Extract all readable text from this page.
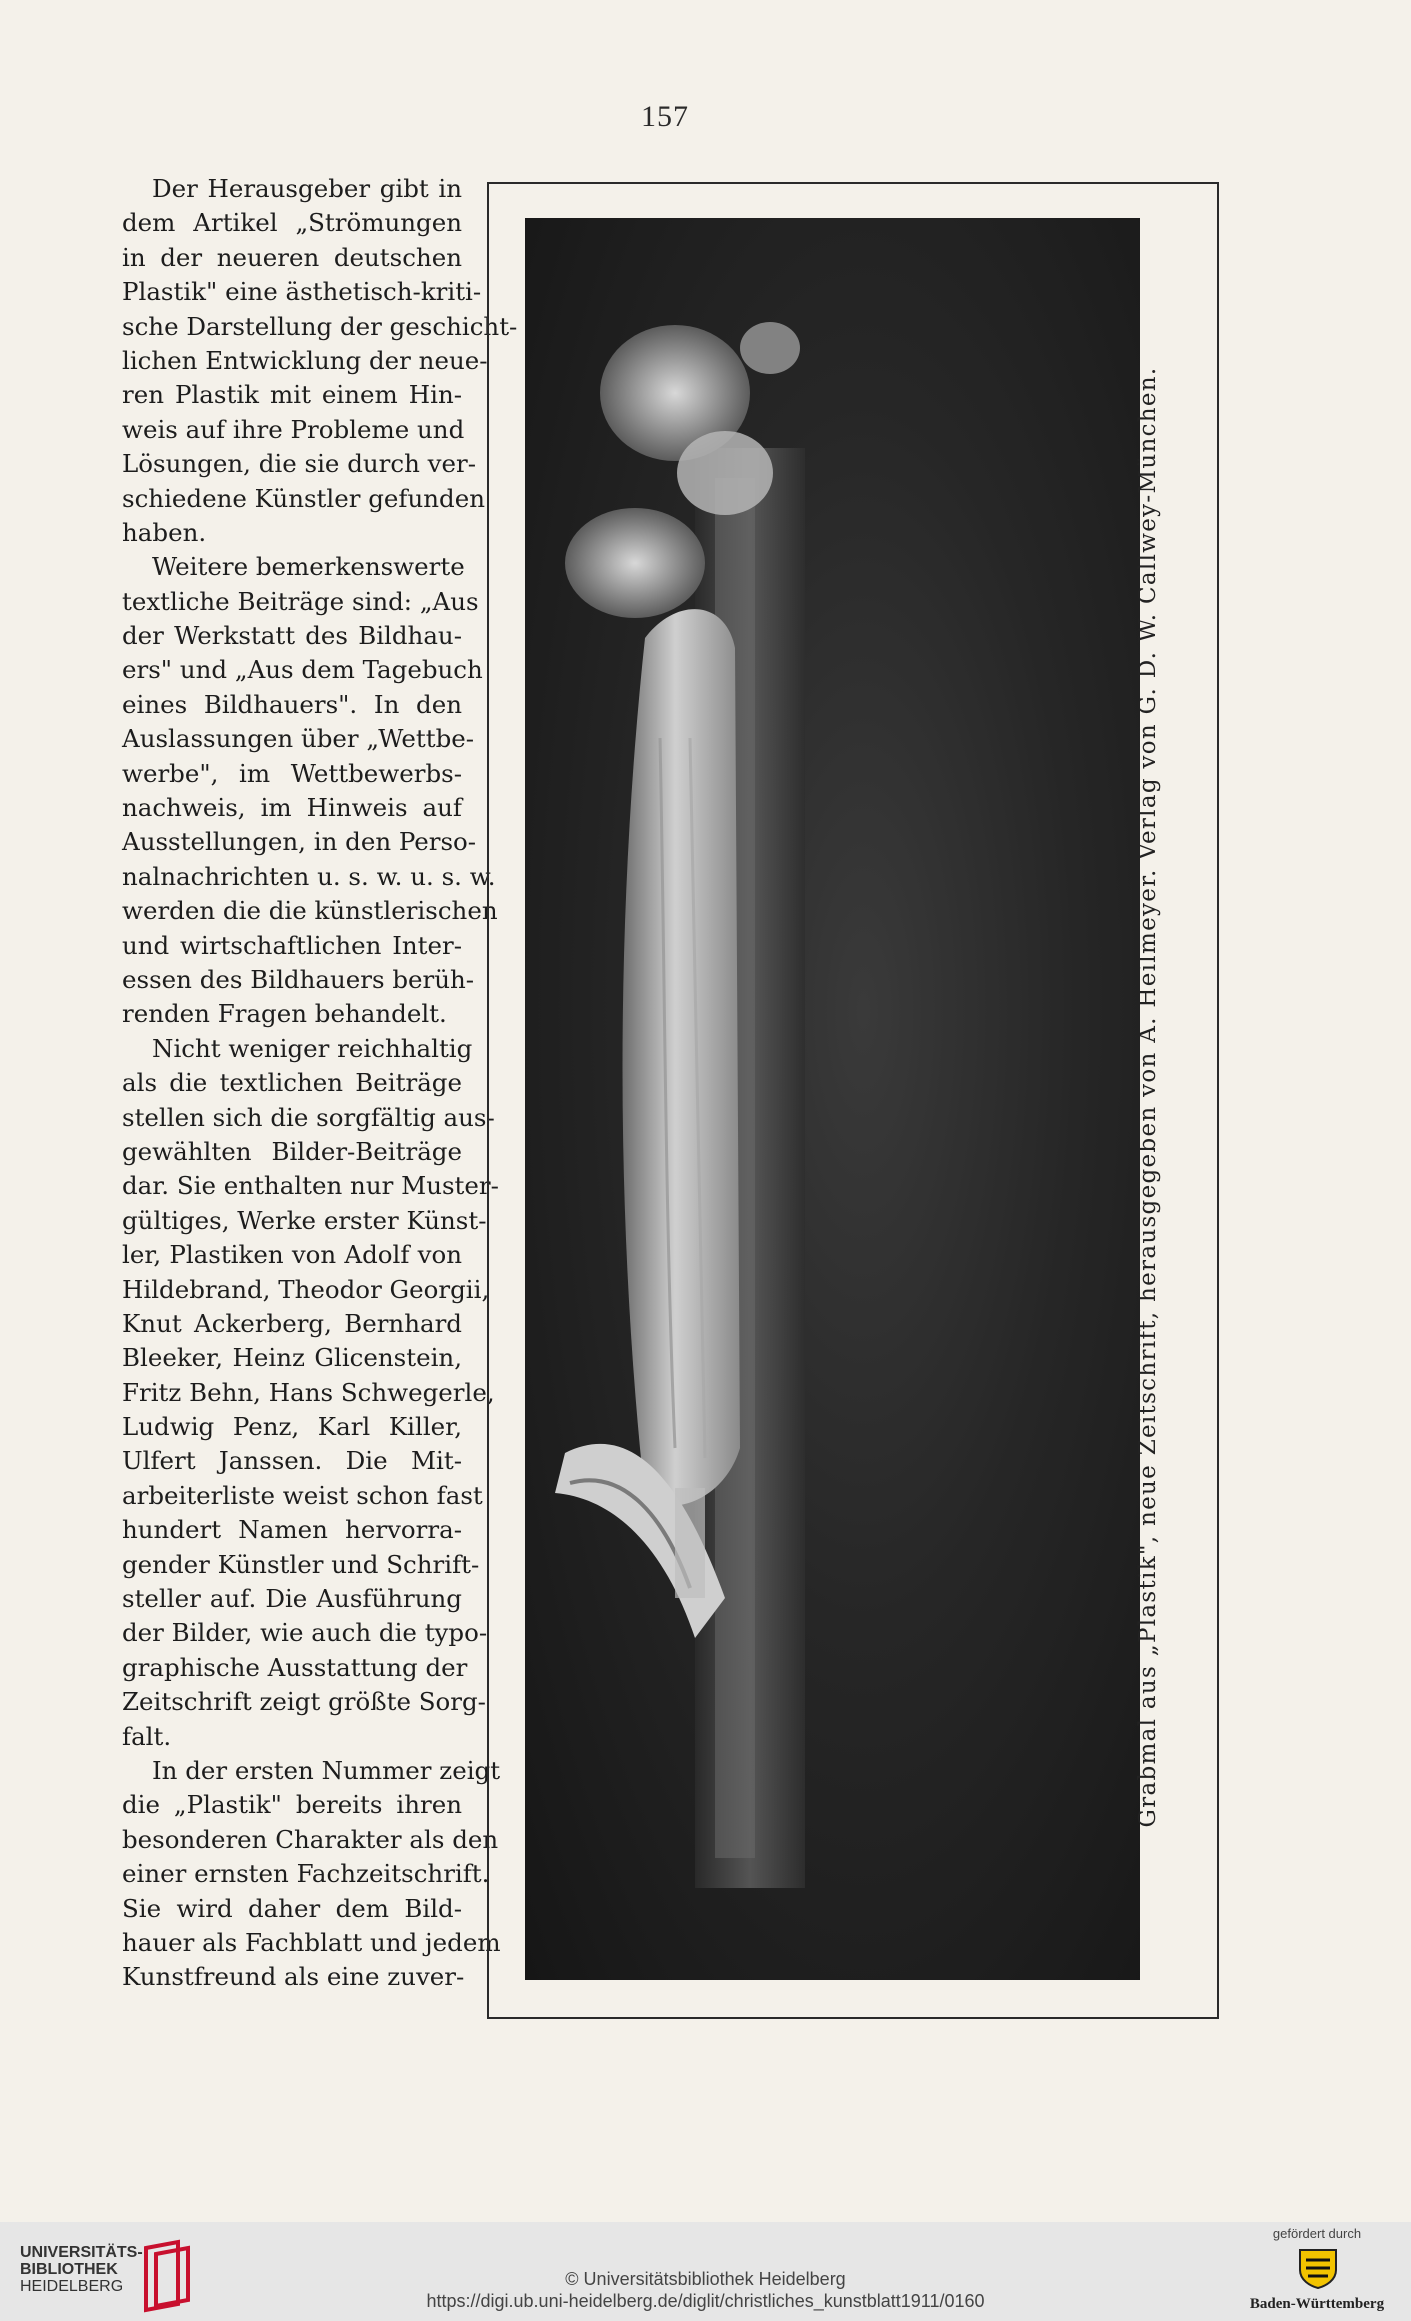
157
Der Herausgeber gibt in
dem Artikel „Strömungen
in der neueren deutschen
Plastik" eine ästhetisch-kriti-
sche Darstellung der geschicht-
lichen Entwicklung der neue-
ren Plastik mit einem Hin-
weis auf ihre Probleme und
Lösungen, die sie durch ver-
schiedene Künstler gefunden
haben.
Weitere bemerkenswerte
textliche Beiträge sind: „Aus
der Werkstatt des Bildhau-
ers" und „Aus dem Tagebuch
eines Bildhauers". In den
Auslassungen über „Wettbe-
werbe", im Wettbewerbs-
nachweis, im Hinweis auf
Ausstellungen, in den Perso-
nalnachrichten u. s. w. u. s. w.
werden die die künstlerischen
und wirtschaftlichen Inter-
essen des Bildhauers berüh-
renden Fragen behandelt.
Nicht weniger reichhaltig
als die textlichen Beiträge
stellen sich die sorgfältig aus-
gewählten Bilder-Beiträge
dar. Sie enthalten nur Muster-
gültiges, Werke erster Künst-
ler, Plastiken von Adolf von
Hildebrand, Theodor Georgii,
Knut Ackerberg, Bernhard
Bleeker, Heinz Glicenstein,
Fritz Behn, Hans Schwegerle,
Ludwig Penz, Karl Killer,
Ulfert Janssen. Die Mit-
arbeiterliste weist schon fast
hundert Namen hervorra-
gender Künstler und Schrift-
steller auf. Die Ausführung
der Bilder, wie auch die typo-
graphische Ausstattung der
Zeitschrift zeigt größte Sorg-
falt.
In der ersten Nummer zeigt
die „Plastik" bereits ihren
besonderen Charakter als den
einer ernsten Fachzeitschrift.
Sie wird daher dem Bild-
hauer als Fachblatt und jedem
Kunstfreund als eine zuver-
Grabmal aus „Plastik", neue Zeitschrift, herausgegeben von A. Heilmeyer. Verlag von G. D. W. Callwey-München.
UNIVERSITÄTS-
BIBLIOTHEK
HEIDELBERG	© Universitätsbibliothek Heidelberg
https://digi.ub.uni-heidelberg.de/diglit/christliches_kunstblatt1911/0160
gefördert durch
Baden-Württemberg
